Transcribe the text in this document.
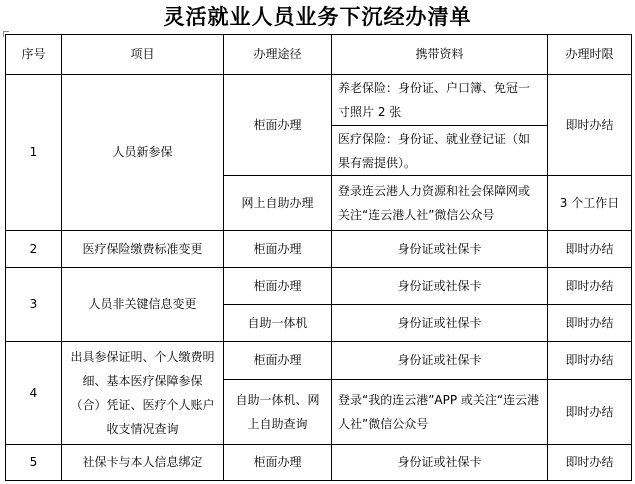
灵活就业人员业务下沉经办清单
序号	项目	办理途径	携带资料	办理时限
1	人员新参保	柜面办理	养老保险：身份证、户口簿、免冠一寸照片 2 张	即时办结
			医疗保险：身份证、就业登记证（如果有需提供）。	
		网上自助办理	登录连云港人力资源和社会保障网或关注“连云港人社”微信公众号	3 个工作日
2	医疗保险缴费标准变更	柜面办理	身份证或社保卡	即时办结
3	人员非关键信息变更	柜面办理	身份证或社保卡	即时办结
		自助一体机	身份证或社保卡	即时办结
4	出具参保证明、个人缴费明细、基本医疗保障参保（合）凭证、医疗个人账户收支情况查询	柜面办理	身份证或社保卡	即时办结
		自助一体机、网上自助查询	登录“我的连云港”APP 或关注“连云港人社”微信公众号	即时办结
5	社保卡与本人信息绑定	柜面办理	身份证或社保卡	即时办结
